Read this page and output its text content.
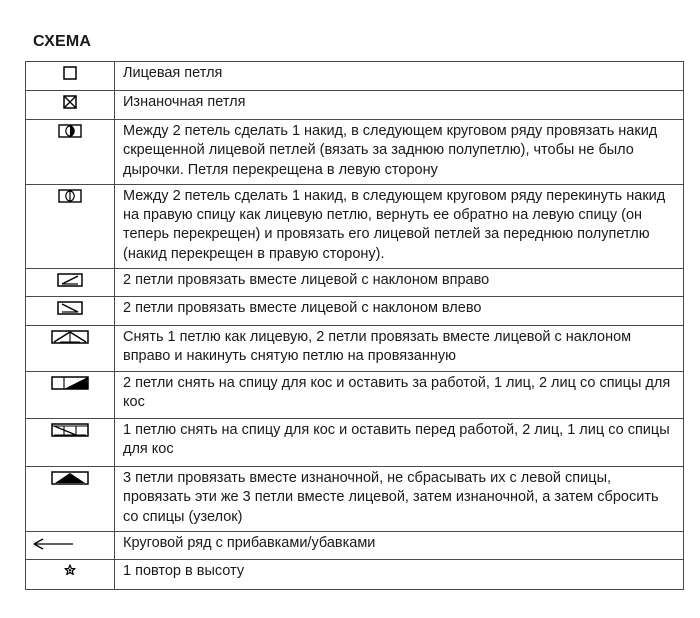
СХЕМА
	Лицевая петля

	Изнаночная петля

	Между 2 петель сделать 1 накид, в следующем круговом ряду провязать накид скрещенной лицевой петлей (вязать за заднюю полупетлю), чтобы не было дырочки. Петля перекрещена в левую сторону

	Между 2 петель сделать 1 накид, в следующем круговом ряду перекинуть накид на правую спицу как лицевую петлю, вернуть ее обратно на левую спицу (он теперь перекрещен) и провязать его лицевой петлей за переднюю полупетлю (накид перекрещен в правую сторону).

	2 петли провязать вместе лицевой с наклоном вправо

	2 петли провязать вместе лицевой с наклоном влево

	Снять 1 петлю как лицевую, 2 петли провязать вместе лицевой с наклоном вправо и накинуть снятую петлю на провязанную

	2 петли снять на спицу для кос и оставить за работой, 1 лиц, 2 лиц со спицы для кос

	1 петлю снять на спицу для кос и оставить перед работой, 2 лиц, 1 лиц со спицы для кос

	3 петли провязать вместе изнаночной, не сбрасывать их с левой спицы, провязать эти же 3 петли вместе лицевой, затем изнаночной, а затем сбросить со спицы (узелок)

	Круговой ряд с прибавками/убавками

	1 повтор в высоту
